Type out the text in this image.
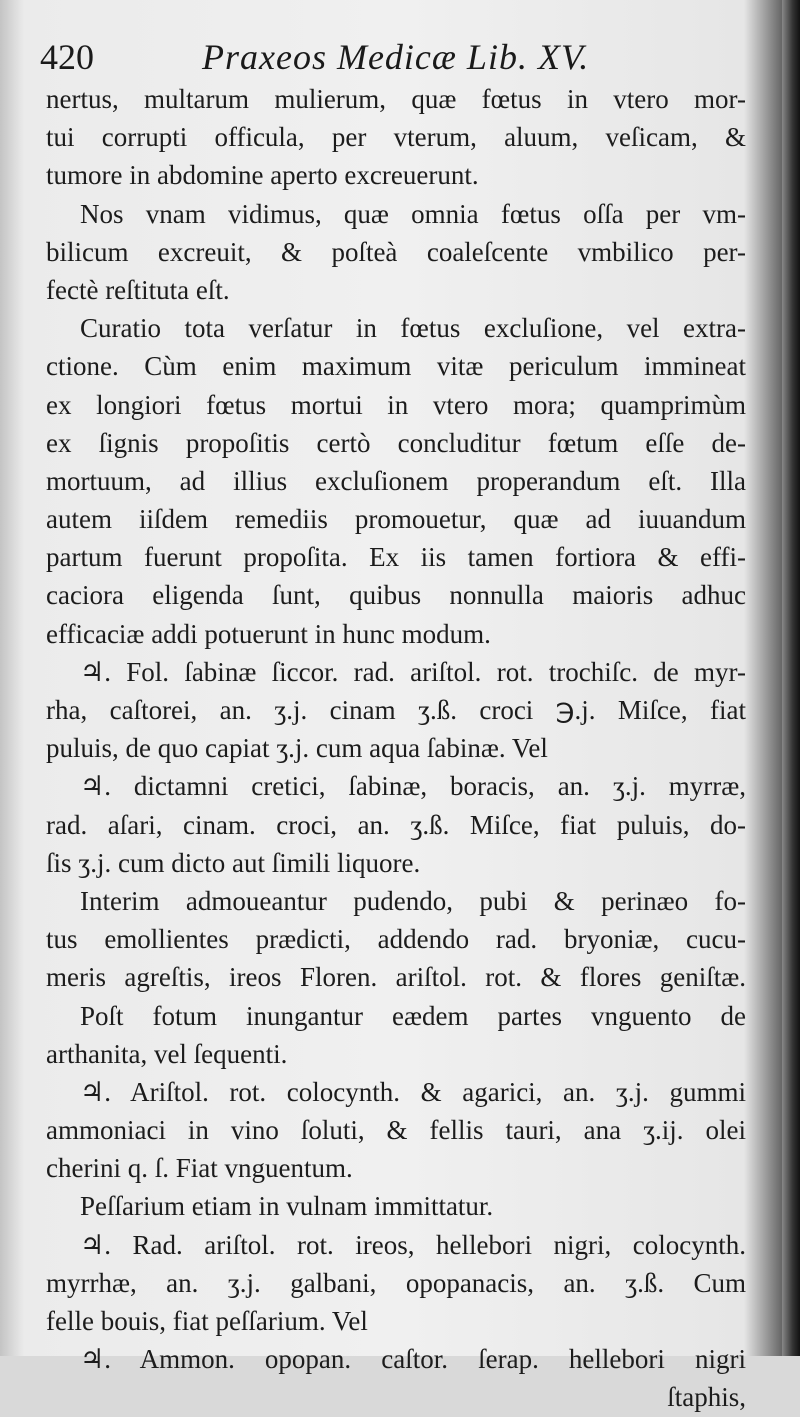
420	Praxeos Medicæ Lib. XV.
nertus, multarum mulierum, quæ fœtus in vtero mor-
tui corrupti officula, per vterum, aluum, veſicam, &
tumore in abdomine aperto excreuerunt.
Nos vnam vidimus, quæ omnia fœtus oſſa per vm-
bilicum excreuit, & poſteà coaleſcente vmbilico per-
fectè reſtituta eſt.
Curatio tota verſatur in fœtus excluſione, vel extra-
ctione. Cùm enim maximum vitæ periculum immineat
ex longiori fœtus mortui in vtero mora; quamprimùm
ex ſignis propoſitis certò concluditur fœtum eſſe de-
mortuum, ad illius excluſionem properandum eſt. Illa
autem iiſdem remediis promouetur, quæ ad iuuandum
partum fuerunt propoſita. Ex iis tamen fortiora & effi-
caciora eligenda ſunt, quibus nonnulla maioris adhuc
efficaciæ addi potuerunt in hunc modum.
♃. Fol. ſabinæ ſiccor. rad. ariſtol. rot. trochiſc. de myr-
rha, caſtorei, an. ʒ.j. cinam ʒ.ß. croci ℈.j. Miſce, fiat
puluis, de quo capiat ʒ.j. cum aqua ſabinæ. Vel
♃. dictamni cretici, ſabinæ, boracis, an. ʒ.j. myrræ,
rad. aſari, cinam. croci, an. ʒ.ß. Miſce, fiat puluis, do-
ſis ʒ.j. cum dicto aut ſimili liquore.
Interim admoueantur pudendo, pubi & perinæo fo-
tus emollientes prædicti, addendo rad. bryoniæ, cucu-
meris agreſtis, ireos Floren. ariſtol. rot. & flores geniſtæ.
Poſt fotum inungantur eædem partes vnguento de
arthanita, vel ſequenti.
♃. Ariſtol. rot. colocynth. & agarici, an. ʒ.j. gummi
ammoniaci in vino ſoluti, & fellis tauri, ana ʒ.ij. olei
cherini q. ſ. Fiat vnguentum.
Peſſarium etiam in vulnam immittatur.
♃. Rad. ariſtol. rot. ireos, hellebori nigri, colocynth.
myrrhæ, an. ʒ.j. galbani, opopanacis, an. ʒ.ß. Cum
felle bouis, fiat peſſarium. Vel
♃. Ammon. opopan. caſtor. ſerap. hellebori nigri
ſtaphis,
